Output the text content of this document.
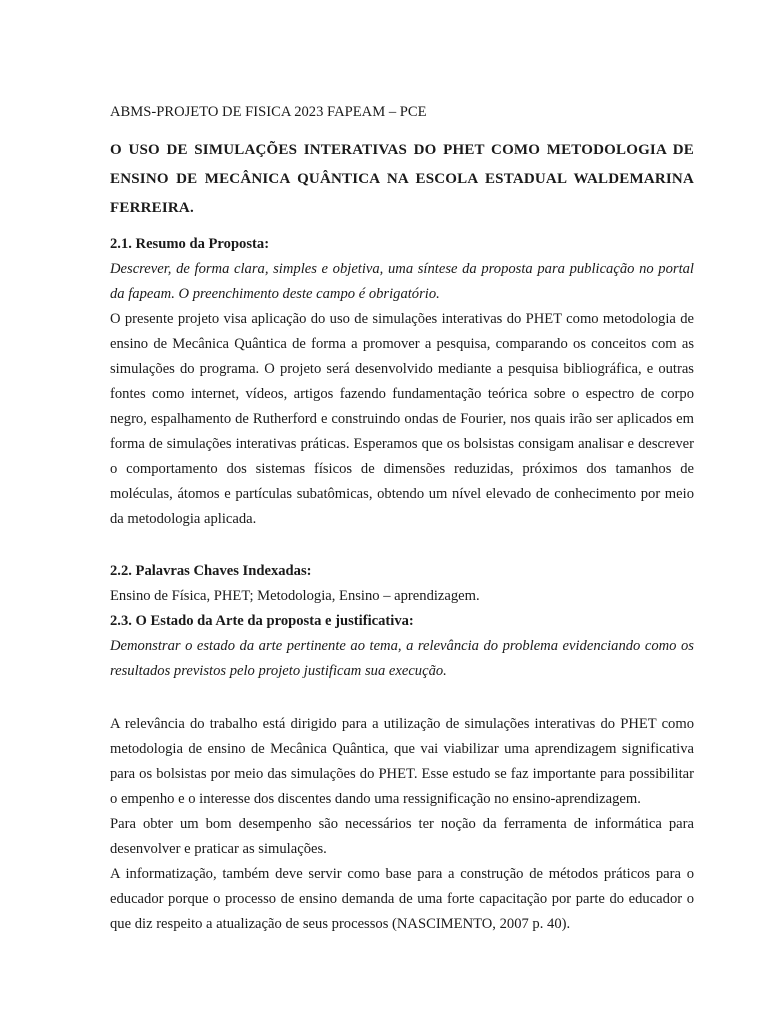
ABMS-PROJETO DE FISICA 2023 FAPEAM – PCE

O USO DE SIMULAÇÕES INTERATIVAS DO PHET COMO METODOLOGIA DE ENSINO DE MECÂNICA QUÂNTICA NA ESCOLA ESTADUAL WALDEMARINA FERREIRA.

2.1. Resumo da Proposta:

Descrever, de forma clara, simples e objetiva, uma síntese da proposta para publicação no portal da fapeam. O preenchimento deste campo é obrigatório.

O presente projeto visa aplicação do uso de simulações interativas do PHET como metodologia de ensino de Mecânica Quântica de forma a promover a pesquisa, comparando os conceitos com as simulações do programa. O projeto será desenvolvido mediante a pesquisa bibliográfica, e outras fontes como internet, vídeos, artigos fazendo fundamentação teórica sobre o espectro de corpo negro, espalhamento de Rutherford e construindo ondas de Fourier, nos quais irão ser aplicados em forma de simulações interativas práticas. Esperamos que os bolsistas consigam analisar e descrever o comportamento dos sistemas físicos de dimensões reduzidas, próximos dos tamanhos de moléculas, átomos e partículas subatômicas, obtendo um nível elevado de conhecimento por meio da metodologia aplicada.

2.2. Palavras Chaves Indexadas:

Ensino de Física, PHET; Metodologia, Ensino – aprendizagem.

2.3. O Estado da Arte da proposta e justificativa:

Demonstrar o estado da arte pertinente ao tema, a relevância do problema evidenciando como os resultados previstos pelo projeto justificam sua execução.

A relevância do trabalho está dirigido para a utilização de simulações interativas do PHET como metodologia de ensino de Mecânica Quântica, que vai viabilizar uma aprendizagem significativa para os bolsistas por meio das simulações do PHET. Esse estudo se faz importante para possibilitar o empenho e o interesse dos discentes dando uma ressignificação no ensino-aprendizagem.

Para obter um bom desempenho são necessários ter noção da ferramenta de informática para desenvolver e praticar as simulações.

A informatização, também deve servir como base para a construção de métodos práticos para o educador porque o processo de ensino demanda de uma forte capacitação por parte do educador o que diz respeito a atualização de seus processos (NASCIMENTO, 2007 p. 40).
